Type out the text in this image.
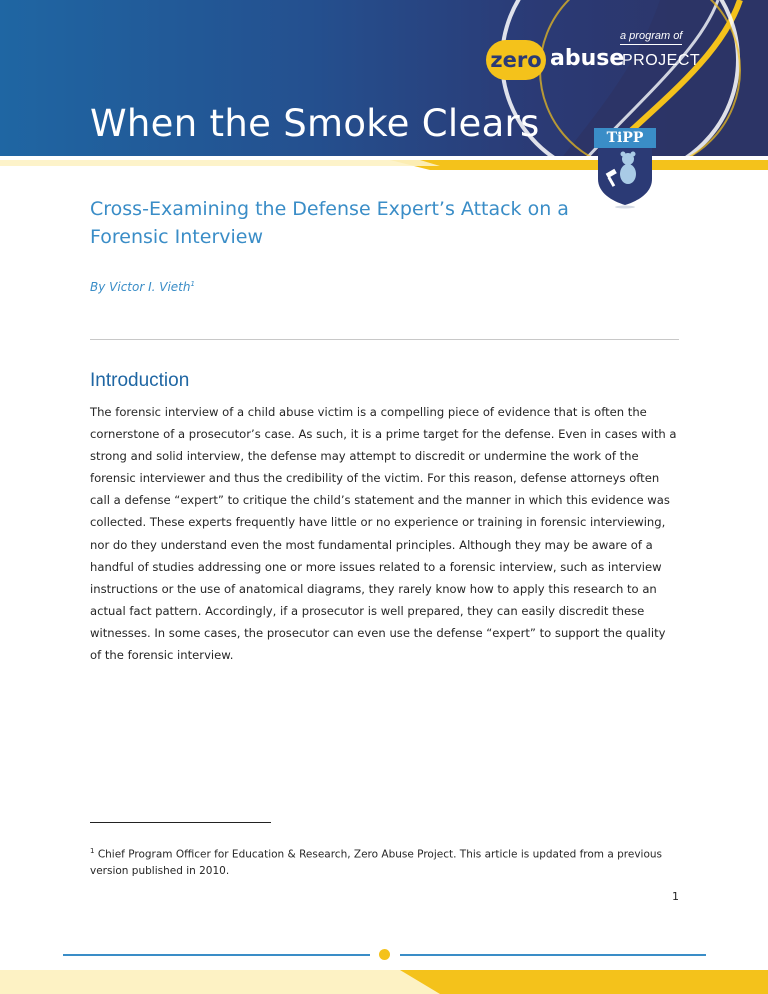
When the Smoke Clears
a program of
zero abuse
PROJECT
TiPP
Cross-Examining the Defense Expert’s Attack on a Forensic Interview
By Victor I. Vieth$^1$
Introduction
The forensic interview of a child abuse victim is a compelling piece of evidence that is often the cornerstone of a prosecutor’s case. As such, it is a prime target for the defense. Even in cases with a strong and solid interview, the defense may attempt to discredit or undermine the work of the forensic interviewer and thus the credibility of the victim. For this reason, defense attorneys often call a defense “expert” to critique the child’s statement and the manner in which this evidence was collected. These experts frequently have little or no experience or training in forensic interviewing, nor do they understand even the most fundamental principles. Although they may be aware of a handful of studies addressing one or more issues related to a forensic interview, such as interview instructions or the use of anatomical diagrams, they rarely know how to apply this research to an actual fact pattern. Accordingly, if a prosecutor is well prepared, they can easily discredit these witnesses. In some cases, the prosecutor can even use the defense “expert” to support the quality of the forensic interview.
$^1$ Chief Program Officer for Education & Research, Zero Abuse Project. This article is updated from a previous version published in 2010.
1
